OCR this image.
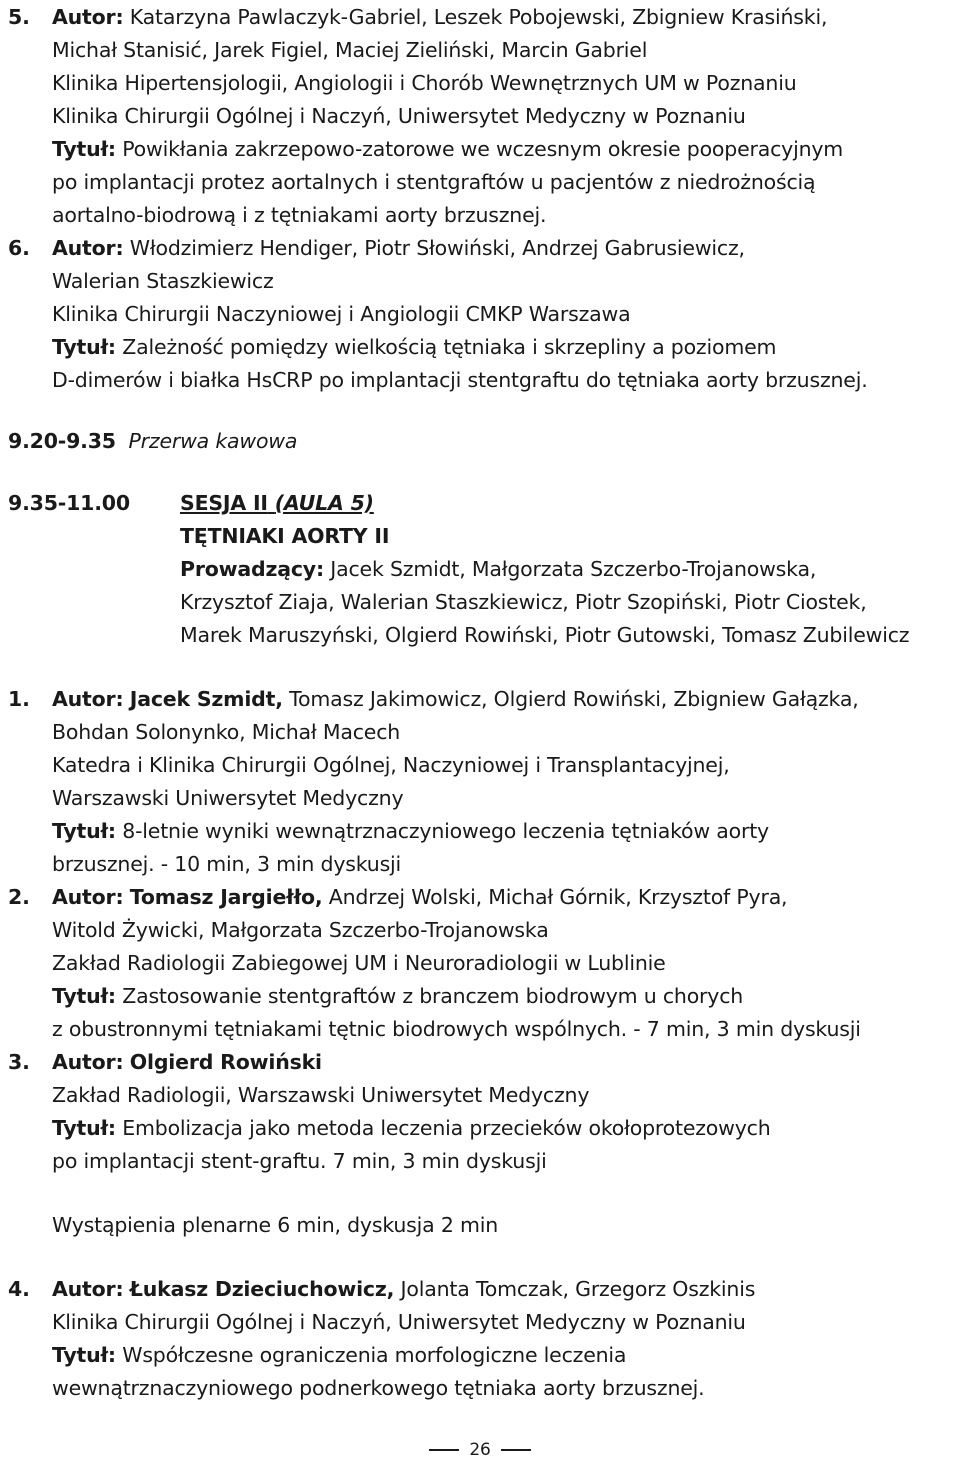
5. Autor: Katarzyna Pawlaczyk-Gabriel, Leszek Pobojewski, Zbigniew Krasiński,
Michał Stanisić, Jarek Figiel, Maciej Zieliński, Marcin Gabriel
Klinika Hipertensjologii, Angiologii i Chorób Wewnętrznych UM w Poznaniu
Klinika Chirurgii Ogólnej i Naczyń, Uniwersytet Medyczny w Poznaniu
Tytuł: Powikłania zakrzepowo-zatorowe we wczesnym okresie pooperacyjnym
po implantacji protez aortalnych i stentgraftów u pacjentów z niedrożnością
aortalno-biodrową i z tętniakami aorty brzusznej.
6. Autor: Włodzimierz Hendiger, Piotr Słowiński, Andrzej Gabrusiewicz,
Walerian Staszkiewicz
Klinika Chirurgii Naczyniowej i Angiologii CMKP Warszawa
Tytuł: Zależność pomiędzy wielkością tętniaka i skrzepliny a poziomem
D-dimerów i białka HsCRP po implantacji stentgraftu do tętniaka aorty brzusznej.
9.20-9.35 Przerwa kawowa
9.35-11.00 SESJA II (AULA 5)
TĘTNIAKI AORTY II
Prowadzący: Jacek Szmidt, Małgorzata Szczerbo-Trojanowska,
Krzysztof Ziaja, Walerian Staszkiewicz, Piotr Szopiński, Piotr Ciostek,
Marek Maruszyński, Olgierd Rowiński, Piotr Gutowski, Tomasz Zubilewicz
1. Autor: Jacek Szmidt, Tomasz Jakimowicz, Olgierd Rowiński, Zbigniew Gałązka,
Bohdan Solonynko, Michał Macech
Katedra i Klinika Chirurgii Ogólnej, Naczyniowej i Transplantacyjnej,
Warszawski Uniwersytet Medyczny
Tytuł: 8-letnie wyniki wewnątrznaczyniowego leczenia tętniaków aorty
brzusznej. - 10 min, 3 min dyskusji
2. Autor: Tomasz Jargiełło, Andrzej Wolski, Michał Górnik, Krzysztof Pyra,
Witold Żywicki, Małgorzata Szczerbo-Trojanowska
Zakład Radiologii Zabiegowej UM i Neuroradiologii w Lublinie
Tytuł: Zastosowanie stentgraftów z branczem biodrowym u chorych
z obustronnymi tętniakami tętnic biodrowych wspólnych. - 7 min, 3 min dyskusji
3. Autor: Olgierd Rowiński
Zakład Radiologii, Warszawski Uniwersytet Medyczny
Tytuł: Embolizacja jako metoda leczenia przecieków okołoprotezowych
po implantacji stent-graftu. 7 min, 3 min dyskusji
Wystąpienia plenarne 6 min, dyskusja 2 min
4. Autor: Łukasz Dzieciuchowicz, Jolanta Tomczak, Grzegorz Oszkinis
Klinika Chirurgii Ogólnej i Naczyń, Uniwersytet Medyczny w Poznaniu
Tytuł: Współczesne ograniczenia morfologiczne leczenia
wewnątrznaczyniowego podnerkowego tętniaka aorty brzusznej.
26
